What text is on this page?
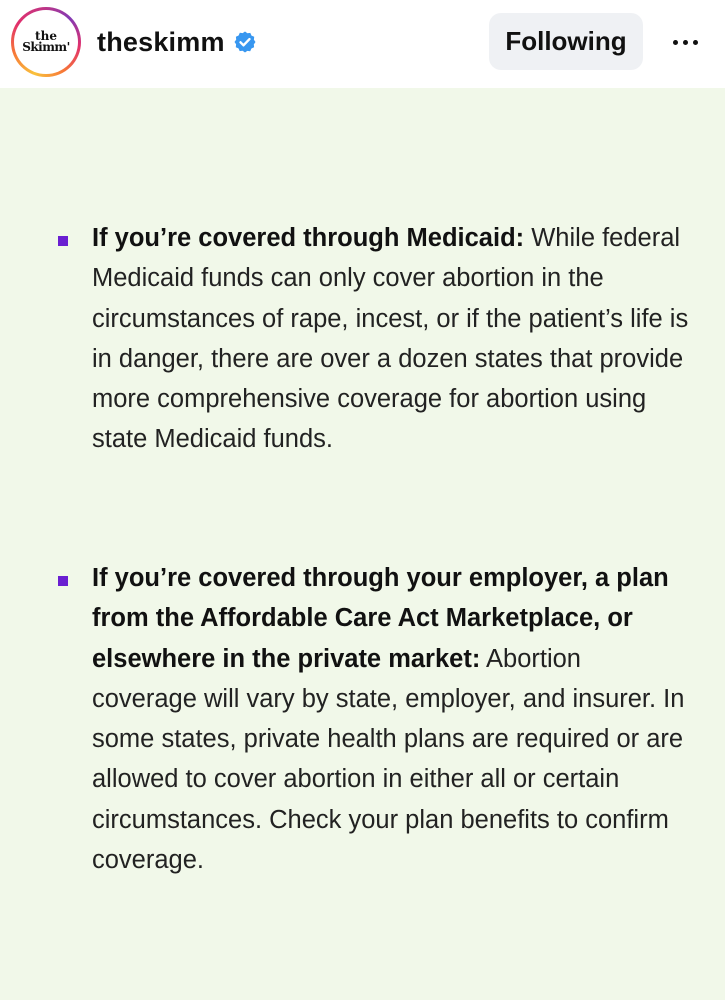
the
Skimm' theskimm	Following

If you’re covered through Medicaid: While federal Medicaid funds can only cover abortion in the circumstances of rape, incest, or if the patient’s life is in danger, there are over a dozen states that provide more comprehensive coverage for abortion using state Medicaid funds.

If you’re covered through your employer, a plan from the Affordable Care Act Marketplace, or elsewhere in the private market: Abortion coverage will vary by state, employer, and insurer. In some states, private health plans are required or are allowed to cover abortion in either all or certain circumstances. Check your plan benefits to confirm coverage.
